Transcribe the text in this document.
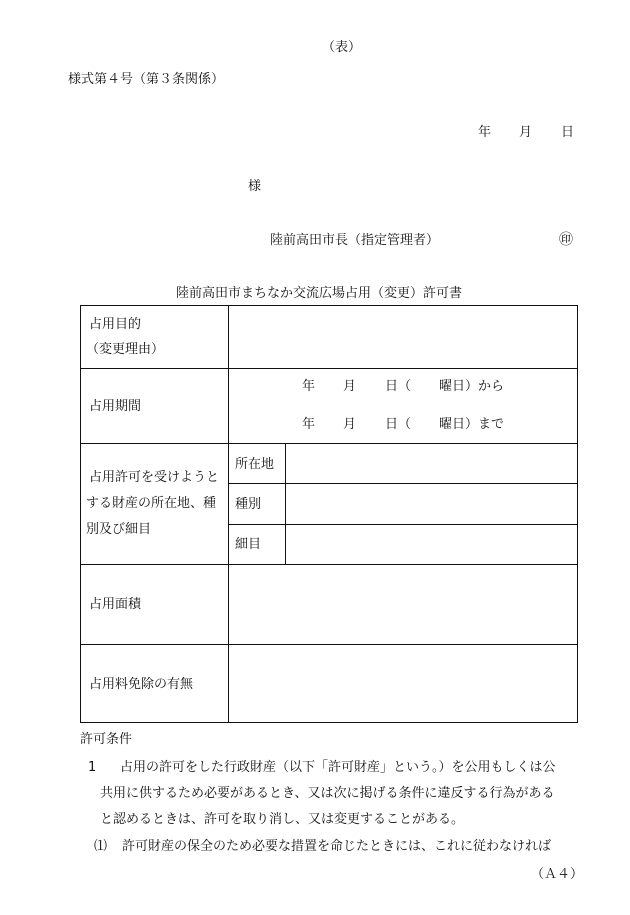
（表）
様式第４号（第３条関係）
年 月 日
様
陸前高田市長（指定管理者）	㊞
陸前高田市まちなか交流広場占用（変更）許可書
占用目的
（変更理由）
占用期間
年 月 日（ 曜日）から
年 月 日（ 曜日）まで
占用許可を受けようと
する財産の所在地、種
別及び細目
所在地
種別
細目
占用面積
占用料免除の有無
許可条件
1 占用の許可をした行政財産（以下「許可財産」という。）を公用もしくは公
共用に供するため必要があるとき、又は次に掲げる条件に違反する行為がある
と認めるときは、許可を取り消し、又は変更することがある。
⑴ 許可財産の保全のため必要な措置を命じたときには、これに従わなければ
（Ａ４）
